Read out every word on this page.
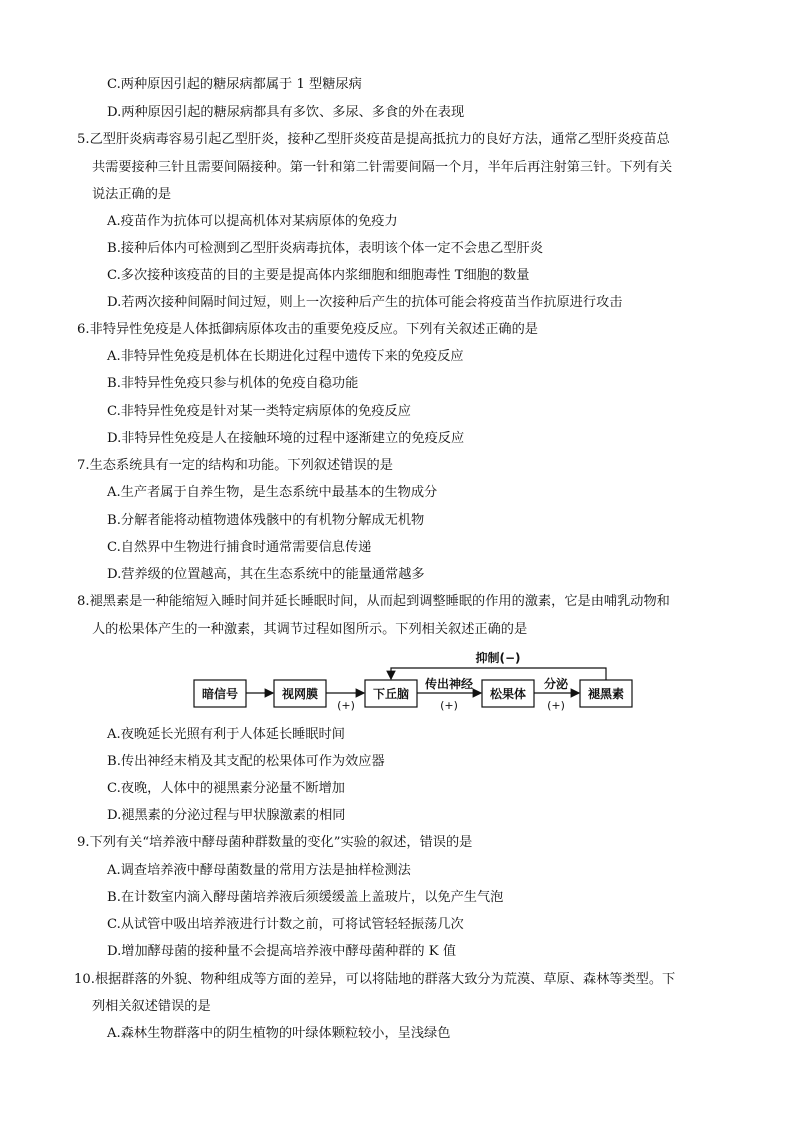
C.两种原因引起的糖尿病都属于 1 型糖尿病
D.两种原因引起的糖尿病都具有多饮、多尿、多食的外在表现
5.乙型肝炎病毒容易引起乙型肝炎，接种乙型肝炎疫苗是提高抵抗力的良好方法，通常乙型肝炎疫苗总
共需要接种三针且需要间隔接种。第一针和第二针需要间隔一个月，半年后再注射第三针。下列有关
说法正确的是
A.疫苗作为抗体可以提高机体对某病原体的免疫力
B.接种后体内可检测到乙型肝炎病毒抗体，表明该个体一定不会患乙型肝炎
C.多次接种该疫苗的目的主要是提高体内浆细胞和细胞毒性 T细胞的数量
D.若两次接种间隔时间过短，则上一次接种后产生的抗体可能会将疫苗当作抗原进行攻击
6.非特异性免疫是人体抵御病原体攻击的重要免疫反应。下列有关叙述正确的是
A.非特异性免疫是机体在长期进化过程中遗传下来的免疫反应
B.非特异性免疫只参与机体的免疫自稳功能
C.非特异性免疫是针对某一类特定病原体的免疫反应
D.非特异性免疫是人在接触环境的过程中逐渐建立的免疫反应
7.生态系统具有一定的结构和功能。下列叙述错误的是
A.生产者属于自养生物，是生态系统中最基本的生物成分
B.分解者能将动植物遗体残骸中的有机物分解成无机物
C.自然界中生物进行捕食时通常需要信息传递
D.营养级的位置越高，其在生态系统中的能量通常越多
8.褪黑素是一种能缩短入睡时间并延长睡眠时间，从而起到调整睡眠的作用的激素，它是由哺乳动物和
人的松果体产生的一种激素，其调节过程如图所示。下列相关叙述正确的是
暗信号	视网膜	下丘脑	松果体	褪黑素
(+)
传出神经
(+)
分泌
(+)
抑制(−)
A.夜晚延长光照有利于人体延长睡眠时间
B.传出神经末梢及其支配的松果体可作为效应器
C.夜晚，人体中的褪黑素分泌量不断增加
D.褪黑素的分泌过程与甲状腺激素的相同
9.下列有关“培养液中酵母菌种群数量的变化”实验的叙述，错误的是
A.调查培养液中酵母菌数量的常用方法是抽样检测法
B.在计数室内滴入酵母菌培养液后须缓缓盖上盖玻片，以免产生气泡
C.从试管中吸出培养液进行计数之前，可将试管轻轻振荡几次
D.增加酵母菌的接种量不会提高培养液中酵母菌种群的 K 值
10.根据群落的外貌、物种组成等方面的差异，可以将陆地的群落大致分为荒漠、草原、森林等类型。下
列相关叙述错误的是
A.森林生物群落中的阴生植物的叶绿体颗粒较小，呈浅绿色
